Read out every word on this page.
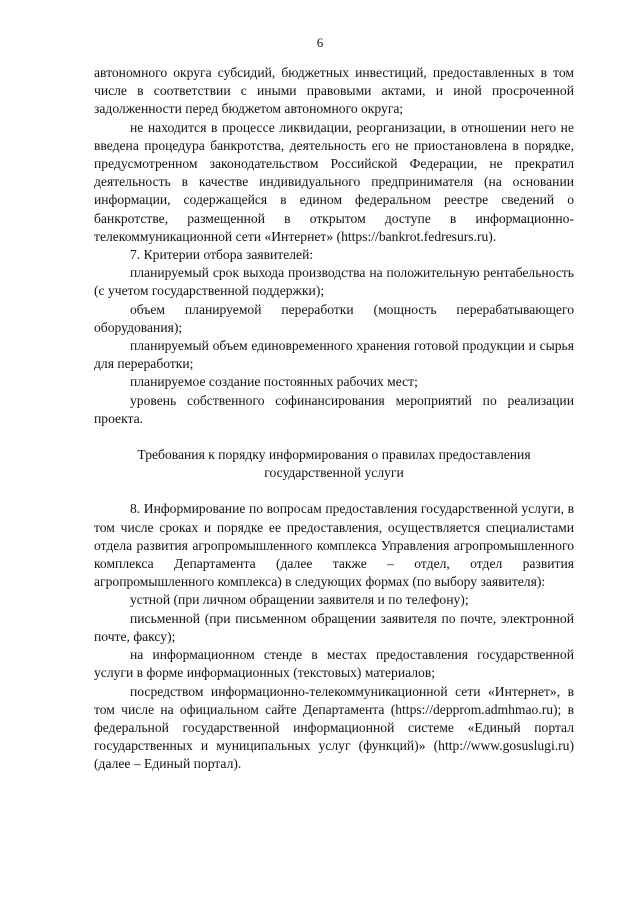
6

автономного округа субсидий, бюджетных инвестиций, предоставленных в том числе в соответствии с иными правовыми актами, и иной просроченной задолженности перед бюджетом автономного округа;

не находится в процессе ликвидации, реорганизации, в отношении него не введена процедура банкротства, деятельность его не приостановлена в порядке, предусмотренном законодательством Российской Федерации, не прекратил деятельность в качестве индивидуального предпринимателя (на основании информации, содержащейся в едином федеральном реестре сведений о банкротстве, размещенной в открытом доступе в информационно-телекоммуникационной сети «Интернет» (https://bankrot.fedresurs.ru).

7. Критерии отбора заявителей:

планируемый срок выхода производства на положительную рентабельность (с учетом государственной поддержки);

объем планируемой переработки (мощность перерабатывающего оборудования);

планируемый объем единовременного хранения готовой продукции и сырья для переработки;

планируемое создание постоянных рабочих мест;

уровень собственного софинансирования мероприятий по реализации проекта.

Требования к порядку информирования о правилах предоставления
государственной услуги

8. Информирование по вопросам предоставления государственной услуги, в том числе сроках и порядке ее предоставления, осуществляется специалистами отдела развития агропромышленного комплекса Управления агропромышленного комплекса Департамента (далее также – отдел, отдел развития агропромышленного комплекса) в следующих формах (по выбору заявителя):

устной (при личном обращении заявителя и по телефону);

письменной (при письменном обращении заявителя по почте, электронной почте, факсу);

на информационном стенде в местах предоставления государственной услуги в форме информационных (текстовых) материалов;

посредством информационно-телекоммуникационной сети «Интернет», в том числе на официальном сайте Департамента (https://depprom.admhmao.ru); в федеральной государственной информационной системе «Единый портал государственных и муниципальных услуг (функций)» (http://www.gosuslugi.ru) (далее – Единый портал).
